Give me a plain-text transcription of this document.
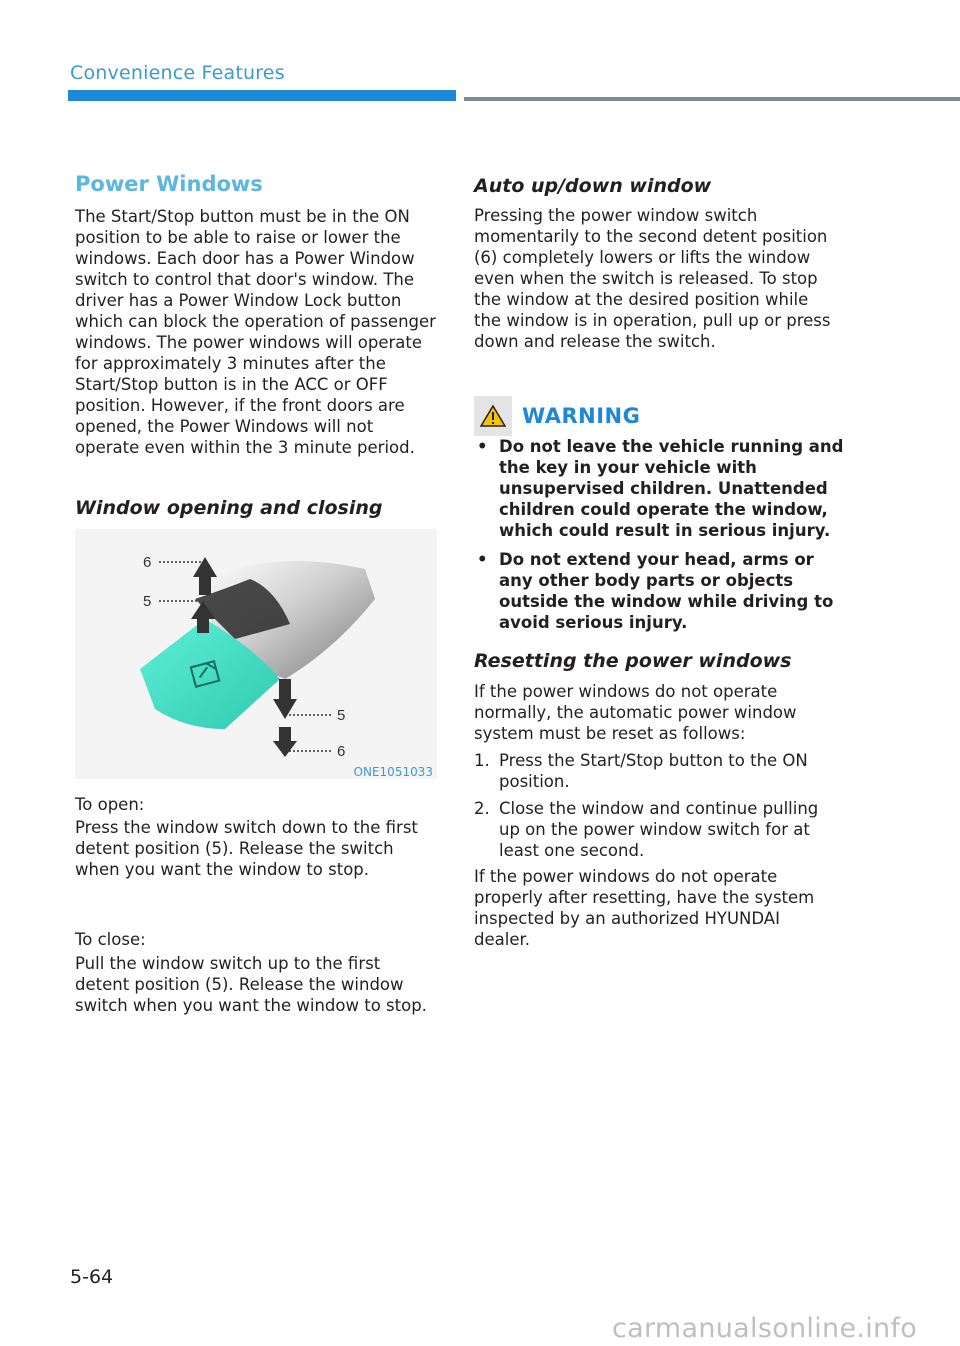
Convenience Features
Power Windows

The Start/Stop button must be in the ON position to be able to raise or lower the windows. Each door has a Power Window switch to control that door's window. The driver has a Power Window Lock button which can block the operation of passenger windows. The power windows will operate for approximately 3 minutes after the Start/Stop button is in the ACC or OFF position. However, if the front doors are opened, the Power Windows will not operate even within the 3 minute period.

Window opening and closing
6
5
5
6
ONE1051033

To open:

Press the window switch down to the first detent position (5). Release the switch when you want the window to stop.

To close:

Pull the window switch up to the first detent position (5). Release the window switch when you want the window to stop.

Auto up/down window

Pressing the power window switch momentarily to the second detent position (6) completely lowers or lifts the window even when the switch is released. To stop the window at the desired position while the window is in operation, pull up or press down and release the switch.

WARNING
• Do not leave the vehicle running and the key in your vehicle with unsupervised children. Unattended children could operate the window, which could result in serious injury.
• Do not extend your head, arms or any other body parts or objects outside the window while driving to avoid serious injury.
Resetting the power windows

If the power windows do not operate normally, the automatic power window system must be reset as follows:

1. Press the Start/Stop button to the ON position.
2. Close the window and continue pulling up on the power window switch for at least one second.

If the power windows do not operate properly after resetting, have the system inspected by an authorized HYUNDAI dealer.

5-64
carmanualsonline.info
